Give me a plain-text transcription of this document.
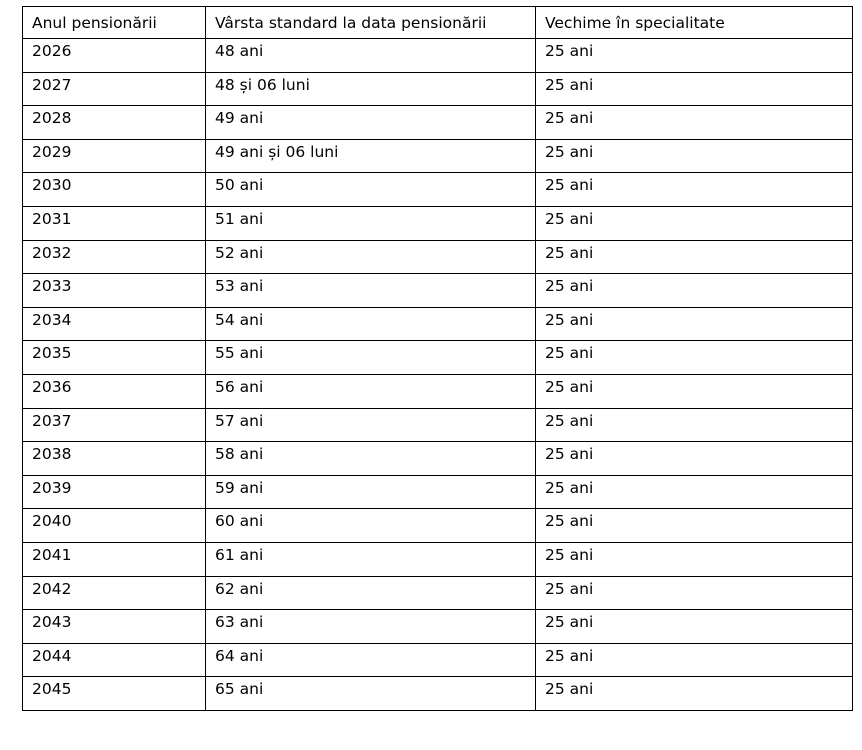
Anul pensionării	Vârsta standard la data pensionării	Vechime în specialitate
2026	48 ani	25 ani
2027	48 și 06 luni	25 ani
2028	49 ani	25 ani
2029	49 ani și 06 luni	25 ani
2030	50 ani	25 ani
2031	51 ani	25 ani
2032	52 ani	25 ani
2033	53 ani	25 ani
2034	54 ani	25 ani
2035	55 ani	25 ani
2036	56 ani	25 ani
2037	57 ani	25 ani
2038	58 ani	25 ani
2039	59 ani	25 ani
2040	60 ani	25 ani
2041	61 ani	25 ani
2042	62 ani	25 ani
2043	63 ani	25 ani
2044	64 ani	25 ani
2045	65 ani	25 ani
